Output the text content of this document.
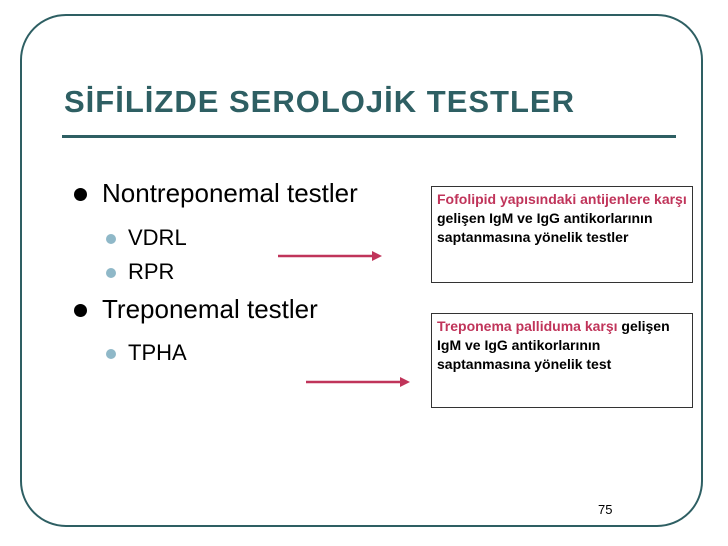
SİFİLİZDE SEROLOJİK TESTLER
Nontreponemal testler
VDRL
RPR
Treponemal testler
TPHA
Fofolipid yapısındaki antijenlere karşı gelişen IgM ve IgG antikorlarının saptanmasına yönelik testler
Treponema palliduma karşı gelişen IgM ve IgG antikorlarının saptanmasına yönelik test
75
